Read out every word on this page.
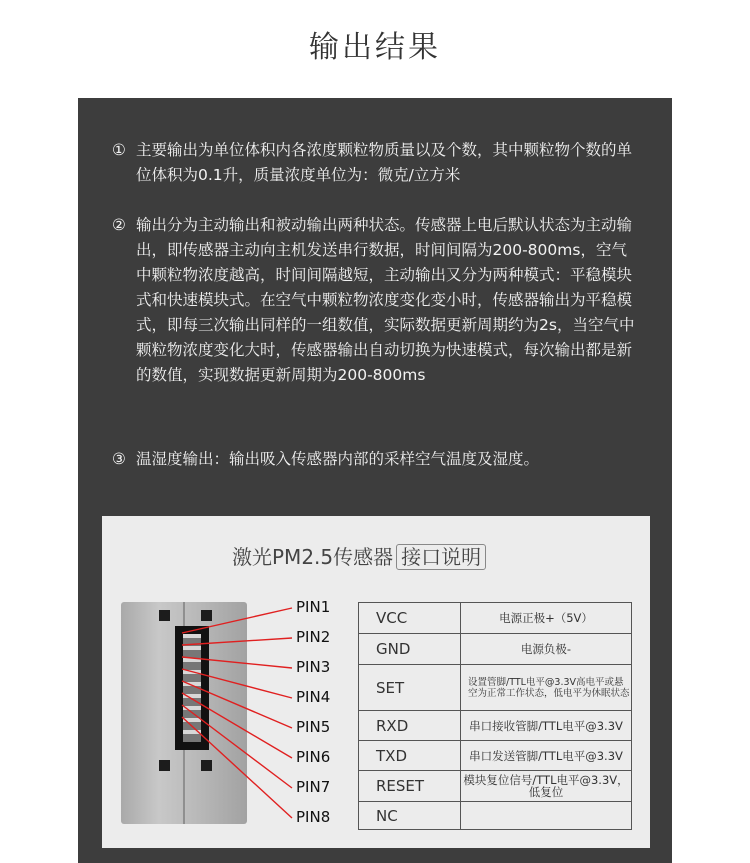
输出结果
① 主要输出为单位体积内各浓度颗粒物质量以及个数，其中颗粒物个数的单位体积为0.1升，质量浓度单位为：微克/立方米
② 输出分为主动输出和被动输出两种状态。传感器上电后默认状态为主动输出，即传感器主动向主机发送串行数据，时间间隔为200-800ms，空气中颗粒物浓度越高，时间间隔越短，主动输出又分为两种模式：平稳模块式和快速模块式。在空气中颗粒物浓度变化变小时，传感器输出为平稳模式，即每三次输出同样的一组数值，实际数据更新周期约为2s，当空气中颗粒物浓度变化大时，传感器输出自动切换为快速模式，每次输出都是新的数值，实现数据更新周期为200-800ms
③ 温湿度输出：输出吸入传感器内部的采样空气温度及湿度。
激光PM2.5传感器 接口说明
PIN1
PIN2
PIN3
PIN4
PIN5
PIN6
PIN7
PIN8
VCC	电源正极+（5V）
GND	电源负极-
SET	设置管脚/TTL电平@3.3V高电平或悬空为正常工作状态，低电平为休眠状态
RXD	串口接收管脚/TTL电平@3.3V
TXD	串口发送管脚/TTL电平@3.3V
RESET	模块复位信号/TTL电平@3.3V，低复位
NC	
